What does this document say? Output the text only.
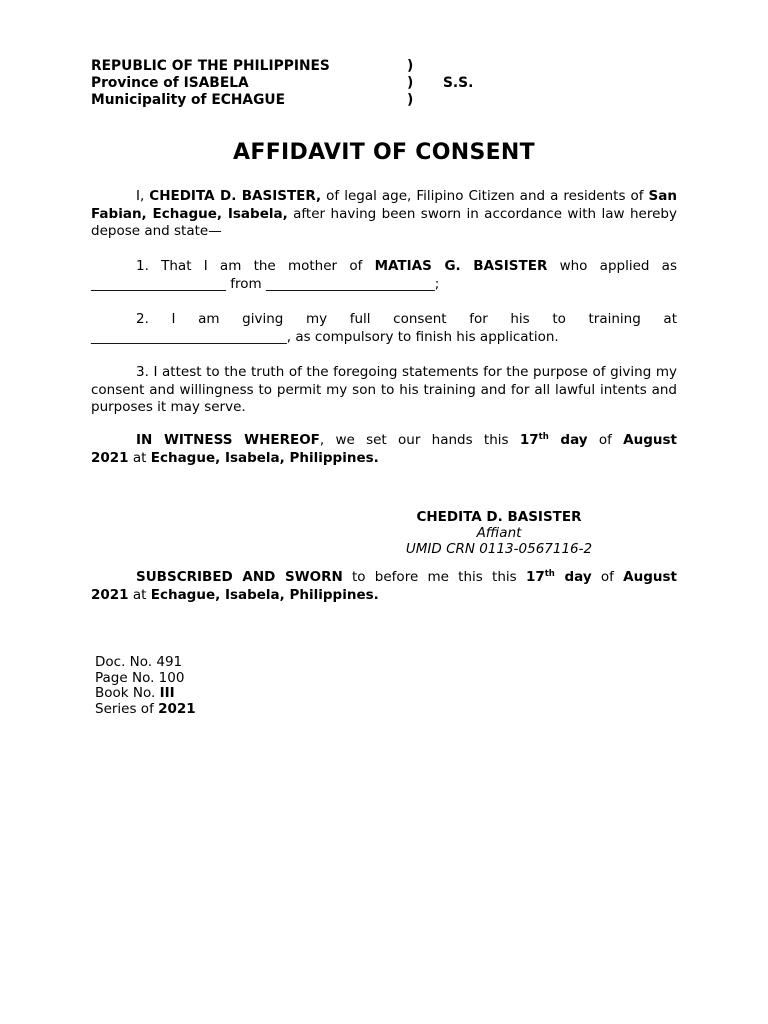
REPUBLIC OF THE PHILIPPINES	)
Province of ISABELA	) S.S.
Municipality of ECHAGUE	)
AFFIDAVIT OF CONSENT

I, CHEDITA D. BASISTER, of legal age, Filipino Citizen and a residents of San Fabian, Echague, Isabela, after having been sworn in accordance with law hereby depose and state—

1. That I am the mother of MATIAS G. BASISTER who applied as
____________________ from _________________________;
2. I am giving my full consent for his to training at
_____________________________, as compulsory to finish his application.

3. I attest to the truth of the foregoing statements for the purpose of giving my consent and willingness to permit my son to his training and for all lawful intents and purposes it may serve.

IN WITNESS WHEREOF, we set our hands this 17th day of August
2021 at Echague, Isabela, Philippines.
CHEDITA D. BASISTER
Affiant
UMID CRN 0113-0567116-2
SUBSCRIBED AND SWORN to before me this this 17th day of August
2021 at Echague, Isabela, Philippines.
Doc. No. 491
Page No. 100
Book No. III
Series of 2021
